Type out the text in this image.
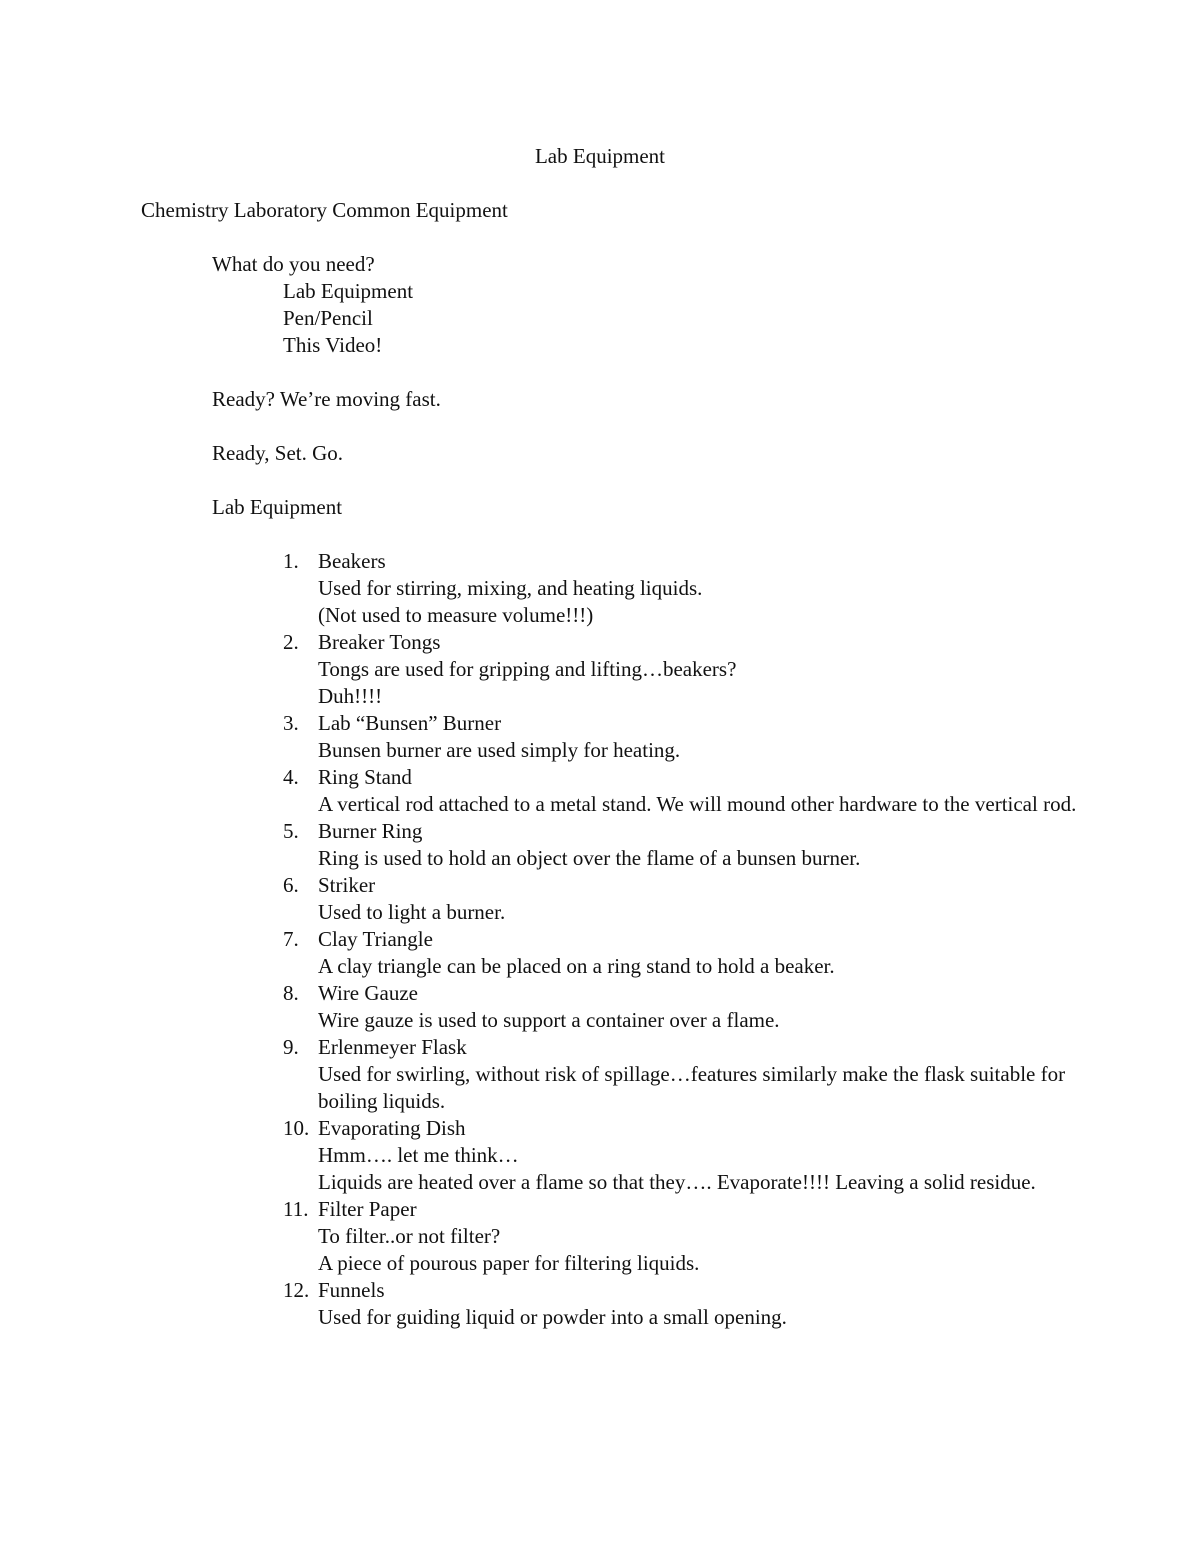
Lab Equipment
Chemistry Laboratory Common Equipment
What do you need?
Lab Equipment
Pen/Pencil
This Video!
Ready? We’re moving fast.
Ready, Set. Go.
Lab Equipment
1. Beakers
Used for stirring, mixing, and heating liquids.
(Not used to measure volume!!!)
2. Breaker Tongs
Tongs are used for gripping and lifting…beakers?
Duh!!!!
3. Lab “Bunsen” Burner
Bunsen burner are used simply for heating.
4. Ring Stand
A vertical rod attached to a metal stand. We will mound other hardware to the vertical rod.
5. Burner Ring
Ring is used to hold an object over the flame of a bunsen burner.
6. Striker
Used to light a burner.
7. Clay Triangle
A clay triangle can be placed on a ring stand to hold a beaker.
8. Wire Gauze
Wire gauze is used to support a container over a flame.
9. Erlenmeyer Flask
Used for swirling, without risk of spillage…features similarly make the flask suitable for boiling liquids.
10. Evaporating Dish
Hmm…. let me think…
Liquids are heated over a flame so that they…. Evaporate!!!! Leaving a solid residue.
11. Filter Paper
To filter..or not filter?
A piece of pourous paper for filtering liquids.
12. Funnels
Used for guiding liquid or powder into a small opening.
